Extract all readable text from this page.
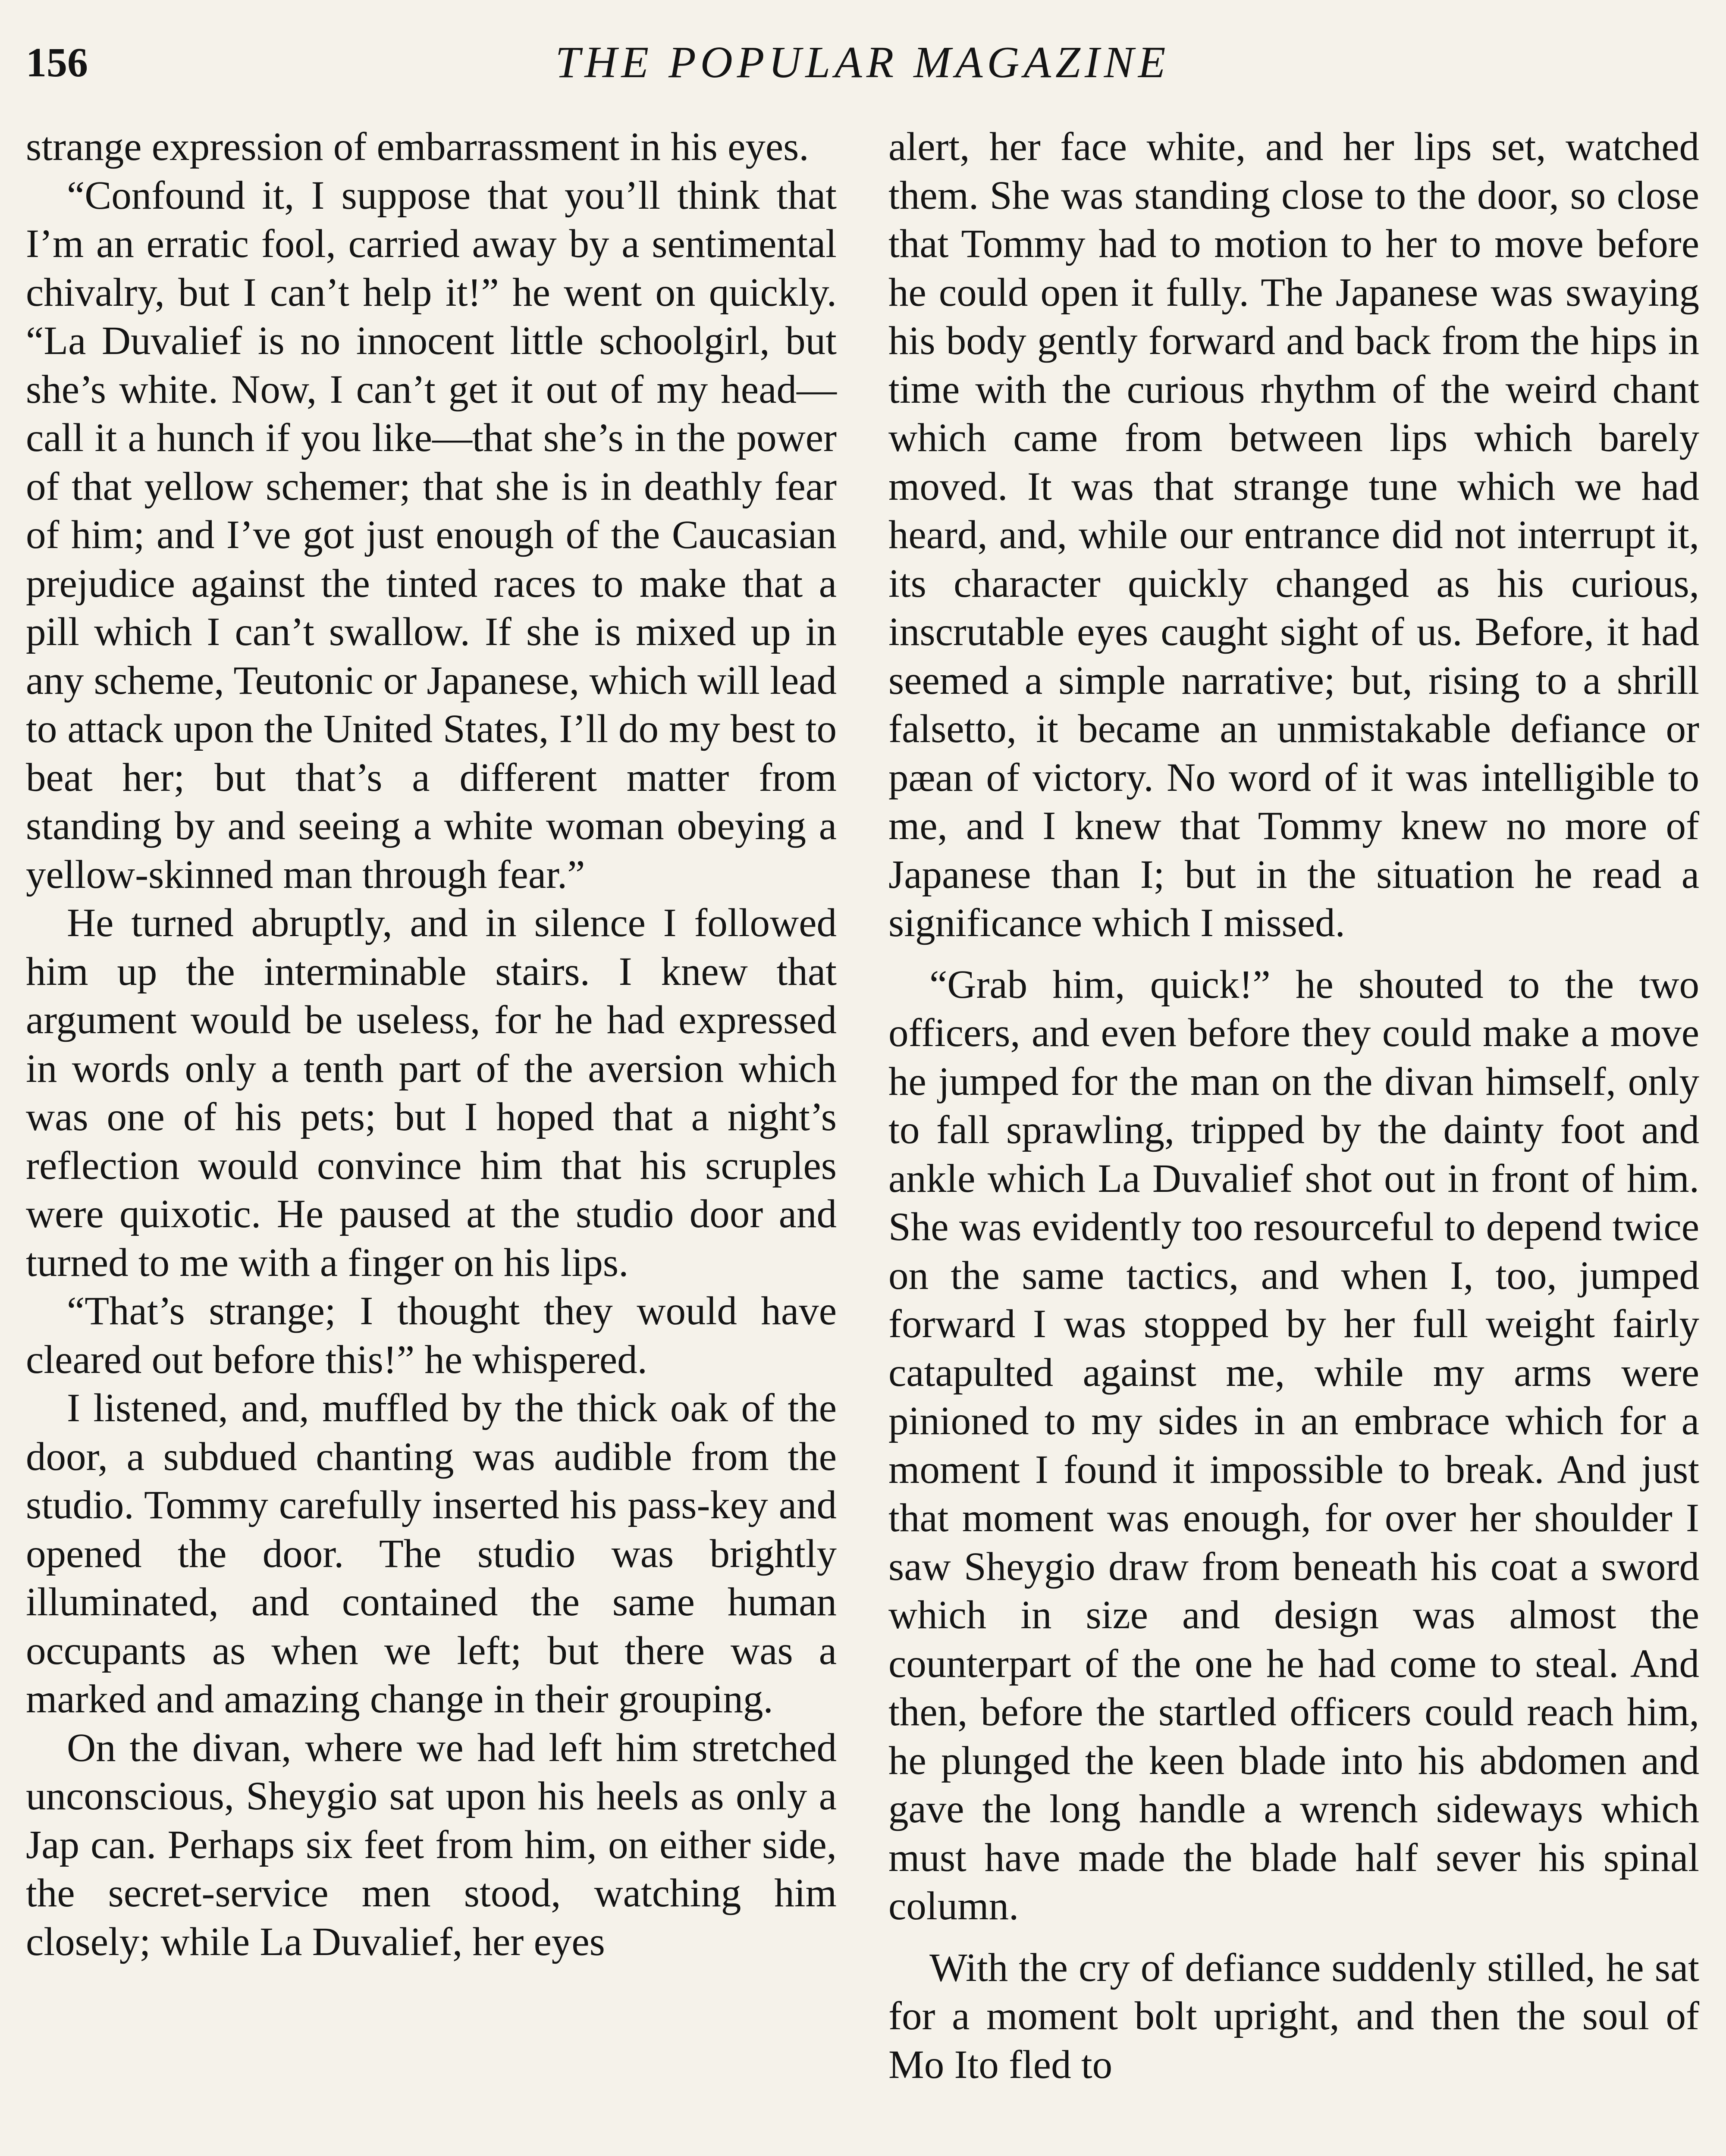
156	THE POPULAR MAGAZINE

strange expression of embarrassment in his eyes.

“Confound it, I suppose that you’ll think that I’m an erratic fool, carried away by a sentimental chivalry, but I can’t help it!” he went on quickly. “La Duvalief is no innocent little schoolgirl, but she’s white. Now, I can’t get it out of my head—call it a hunch if you like—that she’s in the power of that yellow schemer; that she is in deathly fear of him; and I’ve got just enough of the Caucasian prejudice against the tinted races to make that a pill which I can’t swallow. If she is mixed up in any scheme, Teutonic or Japanese, which will lead to attack upon the United States, I’ll do my best to beat her; but that’s a different matter from standing by and seeing a white woman obeying a yellow-skinned man through fear.”

He turned abruptly, and in silence I followed him up the interminable stairs. I knew that argument would be useless, for he had expressed in words only a tenth part of the aversion which was one of his pets; but I hoped that a night’s reflection would convince him that his scruples were quixotic. He paused at the studio door and turned to me with a finger on his lips.

“That’s strange; I thought they would have cleared out before this!” he whispered.

I listened, and, muffled by the thick oak of the door, a subdued chanting was audible from the studio. Tommy carefully inserted his pass-key and opened the door. The studio was brightly illuminated, and contained the same human occupants as when we left; but there was a marked and amazing change in their grouping.

On the divan, where we had left him stretched unconscious, Sheygio sat upon his heels as only a Jap can. Perhaps six feet from him, on either side, the secret-service men stood, watching him closely; while La Duvalief, her eyes

alert, her face white, and her lips set, watched them. She was standing close to the door, so close that Tommy had to motion to her to move before he could open it fully. The Japanese was swaying his body gently forward and back from the hips in time with the curious rhythm of the weird chant which came from between lips which barely moved. It was that strange tune which we had heard, and, while our entrance did not interrupt it, its character quickly changed as his curious, inscrutable eyes caught sight of us. Before, it had seemed a simple narrative; but, rising to a shrill falsetto, it became an unmistakable defiance or pæan of victory. No word of it was intelligible to me, and I knew that Tommy knew no more of Japanese than I; but in the situation he read a significance which I missed.

“Grab him, quick!” he shouted to the two officers, and even before they could make a move he jumped for the man on the divan himself, only to fall sprawling, tripped by the dainty foot and ankle which La Duvalief shot out in front of him. She was evidently too resourceful to depend twice on the same tactics, and when I, too, jumped forward I was stopped by her full weight fairly catapulted against me, while my arms were pinioned to my sides in an embrace which for a moment I found it impossible to break. And just that moment was enough, for over her shoulder I saw Sheygio draw from beneath his coat a sword which in size and design was almost the counterpart of the one he had come to steal. And then, before the startled officers could reach him, he plunged the keen blade into his abdomen and gave the long handle a wrench sideways which must have made the blade half sever his spinal column.

With the cry of defiance suddenly stilled, he sat for a moment bolt upright, and then the soul of Mo Ito fled to
